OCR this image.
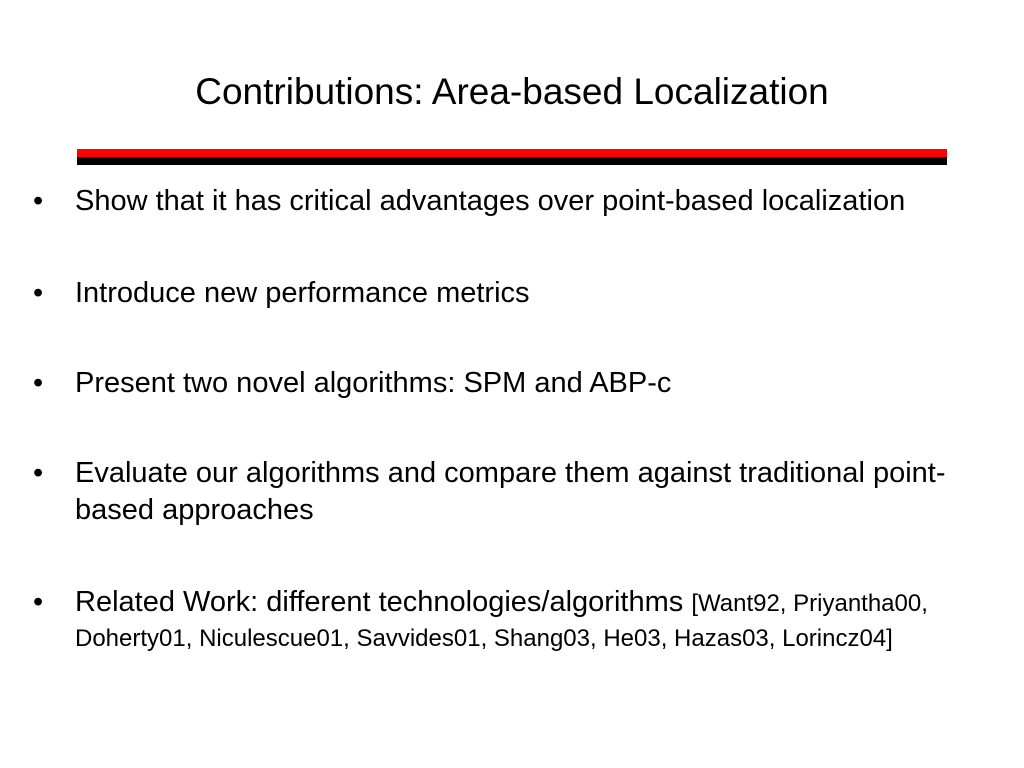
Contributions: Area-based Localization
• Show that it has critical advantages over point-based localization
• Introduce new performance metrics
• Present two novel algorithms: SPM and ABP-c
• Evaluate our algorithms and compare them against traditional point-based approaches
• Related Work: different technologies/algorithms [Want92, Priyantha00, Doherty01, Niculescue01, Savvides01, Shang03, He03, Hazas03, Lorincz04]
